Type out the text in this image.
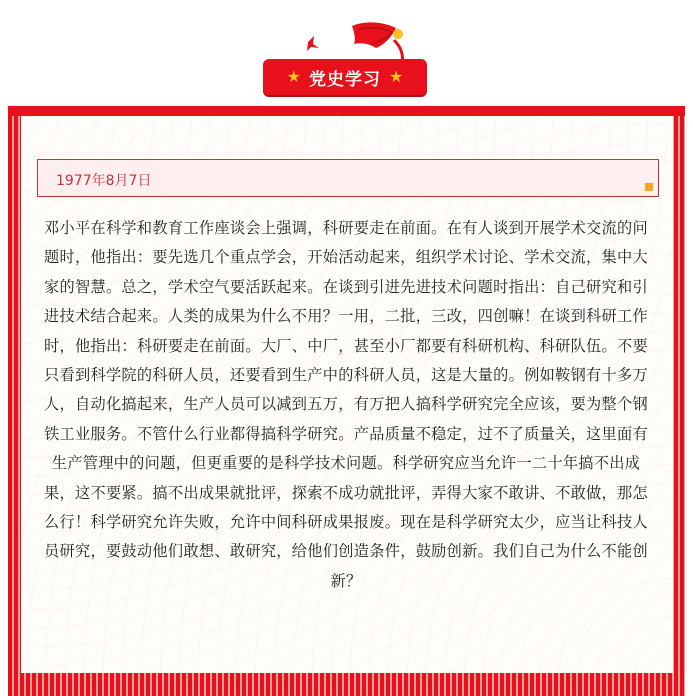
★ 党史学习 ★
1977年8月7日
邓小平在科学和教育工作座谈会上强调，科研要走在前面。在有人谈到开展学术交流的问题时，他指出：要先选几个重点学会，开始活动起来，组织学术讨论、学术交流，集中大家的智慧。总之，学术空气要活跃起来。在谈到引进先进技术问题时指出：自己研究和引进技术结合起来。人类的成果为什么不用？一用，二批，三改，四创嘛！在谈到科研工作时，他指出：科研要走在前面。大厂、中厂，甚至小厂都要有科研机构、科研队伍。不要只看到科学院的科研人员，还要看到生产中的科研人员，这是大量的。例如鞍钢有十多万人，自动化搞起来，生产人员可以减到五万，有万把人搞科学研究完全应该，要为整个钢铁工业服务。不管什么行业都得搞科学研究。产品质量不稳定，过不了质量关，这里面有生产管理中的问题，但更重要的是科学技术问题。科学研究应当允许一二十年搞不出成果，这不要紧。搞不出成果就批评，探索不成功就批评，弄得大家不敢讲、不敢做，那怎么行！科学研究允许失败，允许中间科研成果报废。现在是科学研究太少，应当让科技人员研究，要鼓动他们敢想、敢研究，给他们创造条件，鼓励创新。我们自己为什么不能创新？
